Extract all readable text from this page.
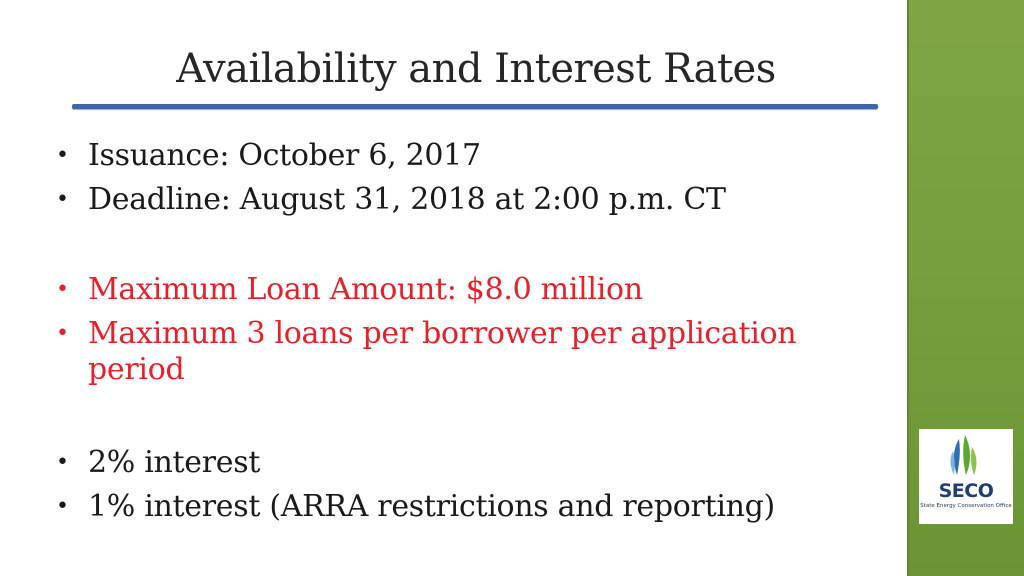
Availability and Interest Rates
• Issuance: October 6, 2017
• Deadline: August 31, 2018 at 2:00 p.m. CT
• Maximum Loan Amount: $8.0 million
• Maximum 3 loans per borrower per application period
• 2% interest
• 1% interest (ARRA restrictions and reporting)	SECO
State Energy Conservation Office
